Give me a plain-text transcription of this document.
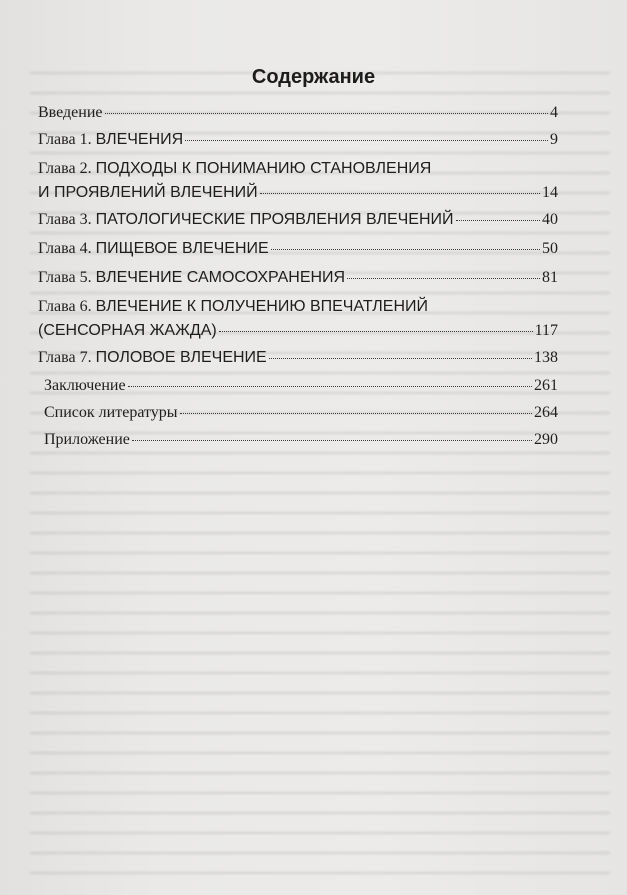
Содержание
Введение	4
Глава 1.
ВЛЕЧЕНИЯ	9
Глава 2.
ПОДХОДЫ К ПОНИМАНИЮ СТАНОВЛЕНИЯ
И ПРОЯВЛЕНИЙ ВЛЕЧЕНИЙ	14
Глава 3.
ПАТОЛОГИЧЕСКИЕ ПРОЯВЛЕНИЯ ВЛЕЧЕНИЙ	40
Глава 4.
ПИЩЕВОЕ ВЛЕЧЕНИЕ	50
Глава 5.
ВЛЕЧЕНИЕ САМОСОХРАНЕНИЯ	81
Глава 6.
ВЛЕЧЕНИЕ К ПОЛУЧЕНИЮ ВПЕЧАТЛЕНИЙ
(СЕНСОРНАЯ ЖАЖДА)	117
Глава 7.
ПОЛОВОЕ ВЛЕЧЕНИЕ	138
Заключение	261
Список литературы	264
Приложение	290
